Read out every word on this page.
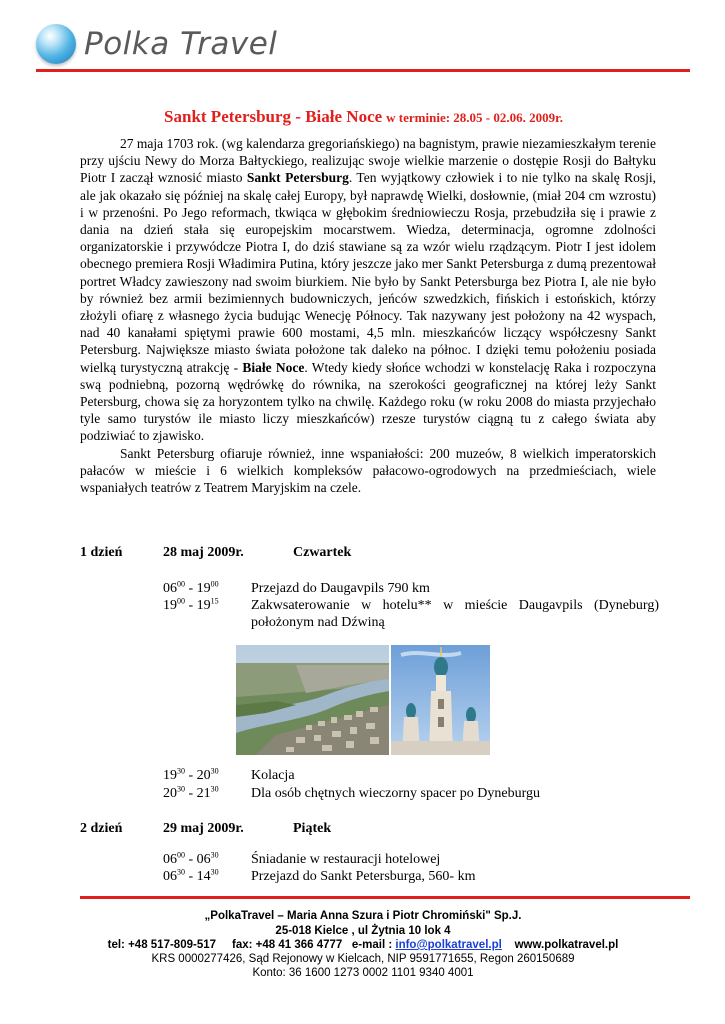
Polka Travel
Sankt Petersburg - Białe Noce w terminie: 28.05 - 02.06. 2009r.

27 maja 1703 rok. (wg kalendarza gregoriańskiego) na bagnistym, prawie niezamieszkałym terenie przy ujściu Newy do Morza Bałtyckiego, realizując swoje wielkie marzenie o dostępie Rosji do Bałtyku Piotr I zaczął wznosić miasto Sankt Petersburg. Ten wyjątkowy człowiek i to nie tylko na skalę Rosji, ale jak okazało się później na skalę całej Europy, był naprawdę Wielki, dosłownie, (miał 204 cm wzrostu) i w przenośni. Po Jego reformach, tkwiąca w głębokim średniowieczu Rosja, przebudziła się i prawie z dania na dzień stała się europejskim mocarstwem. Wiedza, determinacja, ogromne zdolności organizatorskie i przywódcze Piotra I, do dziś stawiane są za wzór wielu rządzącym. Piotr I jest idolem obecnego premiera Rosji Władimira Putina, który jeszcze jako mer Sankt Petersburga z dumą prezentował portret Władcy zawieszony nad swoim biurkiem. Nie było by Sankt Petersburga bez Piotra I, ale nie było by również bez armii bezimiennych budowniczych, jeńców szwedzkich, fińskich i estońskich, którzy złożyli ofiarę z własnego życia budując Wenecję Północy. Tak nazywany jest położony na 42 wyspach, nad 40 kanałami spiętymi prawie 600 mostami, 4,5 mln. mieszkańców liczący współczesny Sankt Petersburg. Największe miasto świata położone tak daleko na północ. I dzięki temu położeniu posiada wielką turystyczną atrakcję - Białe Noce. Wtedy kiedy słońce wchodzi w konstelację Raka i rozpoczyna swą podniebną, pozorną wędrówkę do równika, na szerokości geograficznej na której leży Sankt Petersburg, chowa się za horyzontem tylko na chwilę. Każdego roku (w roku 2008 do miasta przyjechało tyle samo turystów ile miasto liczy mieszkańców) rzesze turystów ciągną tu z całego świata aby podziwiać to zjawisko.

Sankt Petersburg ofiaruje również, inne wspaniałości: 200 muzeów, 8 wielkich imperatorskich pałaców w mieście i 6 wielkich kompleksów pałacowo-ogrodowych na przedmieściach, wiele wspaniałych teatrów z Teatrem Maryjskim na czele.

1 dzień	28 maj 2009r.	Czwartek
$06^{00} - 19^{00}$ Przejazd do Daugavpils 790 km
$19^{00} - 19^{15}$ Zakwsaterowanie w hotelu** w mieście Daugavpils (Dyneburg) położonym nad Dźwiną
$19^{30} - 20^{30}$ Kolacja
$20^{30} - 21^{30}$ Dla osób chętnych wieczorny spacer po Dyneburgu
2 dzień	29 maj 2009r.	Piątek
$06^{00} - 06^{30}$ Śniadanie w restauracji hotelowej
$06^{30} - 14^{30}$ Przejazd do Sankt Petersburga, 560- km
„PolkaTravel – Maria Anna Szura i Piotr Chromiński" Sp.J.
25-018 Kielce , ul Żytnia 10 lok 4
tel: +48 517-809-517 fax: +48 41 366 4777 e-mail : info@polkatravel.pl www.polkatravel.pl
KRS 0000277426, Sąd Rejonowy w Kielcach, NIP 9591771655, Regon 260150689
Konto: 36 1600 1273 0002 1101 9340 4001
